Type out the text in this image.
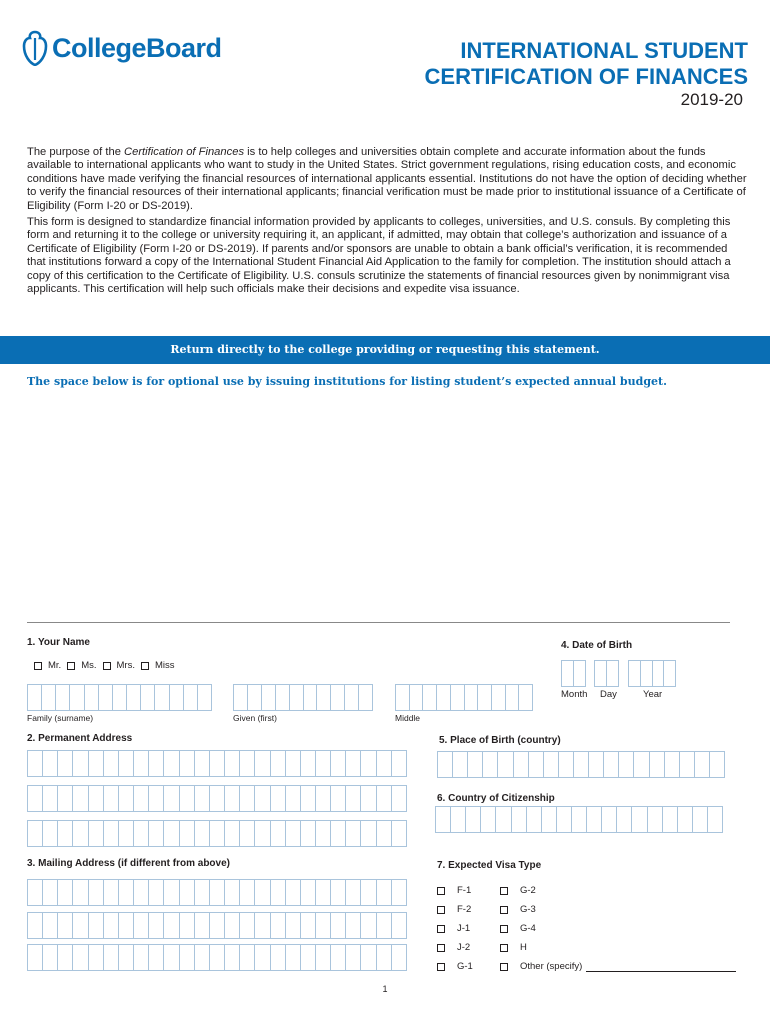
CollegeBoard	INTERNATIONAL STUDENT
CERTIFICATION OF FINANCES
2019-20

The purpose of the Certification of Finances is to help colleges and universities obtain complete and accurate information about the funds available to international applicants who want to study in the United States. Strict government regulations, rising education costs, and economic conditions have made verifying the financial resources of international applicants essential. Institutions do not have the option of deciding whether to verify the financial resources of their international applicants; financial verification must be made prior to institutional issuance of a Certificate of Eligibility (Form I-20 or DS-2019).

This form is designed to standardize financial information provided by applicants to colleges, universities, and U.S. consuls. By completing this form and returning it to the college or university requiring it, an applicant, if admitted, may obtain that college’s authorization and issuance of a Certificate of Eligibility (Form I-20 or DS-2019). If parents and/or sponsors are unable to obtain a bank official’s verification, it is recommended that institutions forward a copy of the International Student Financial Aid Application to the family for completion. The institution should attach a copy of this certification to the Certificate of Eligibility. U.S. consuls scrutinize the statements of financial resources given by nonimmigrant visa applicants. This certification will help such officials make their decisions and expedite visa issuance.

Return directly to the college providing or requesting this statement.
The space below is for optional use by issuing institutions for listing student’s expected annual budget.
1. Your Name
Mr. Ms. Mrs. Miss
Family (surname)	Given (first)	Middle
2. Permanent Address
3. Mailing Address (if different from above)
4. Date of Birth
Month Day	Year
5. Place of Birth (country)
6. Country of Citizenship
7. Expected Visa Type
F-1
F-2
J-1
J-2
G-1
G-2
G-3
G-4
H
Other (specify)
1
